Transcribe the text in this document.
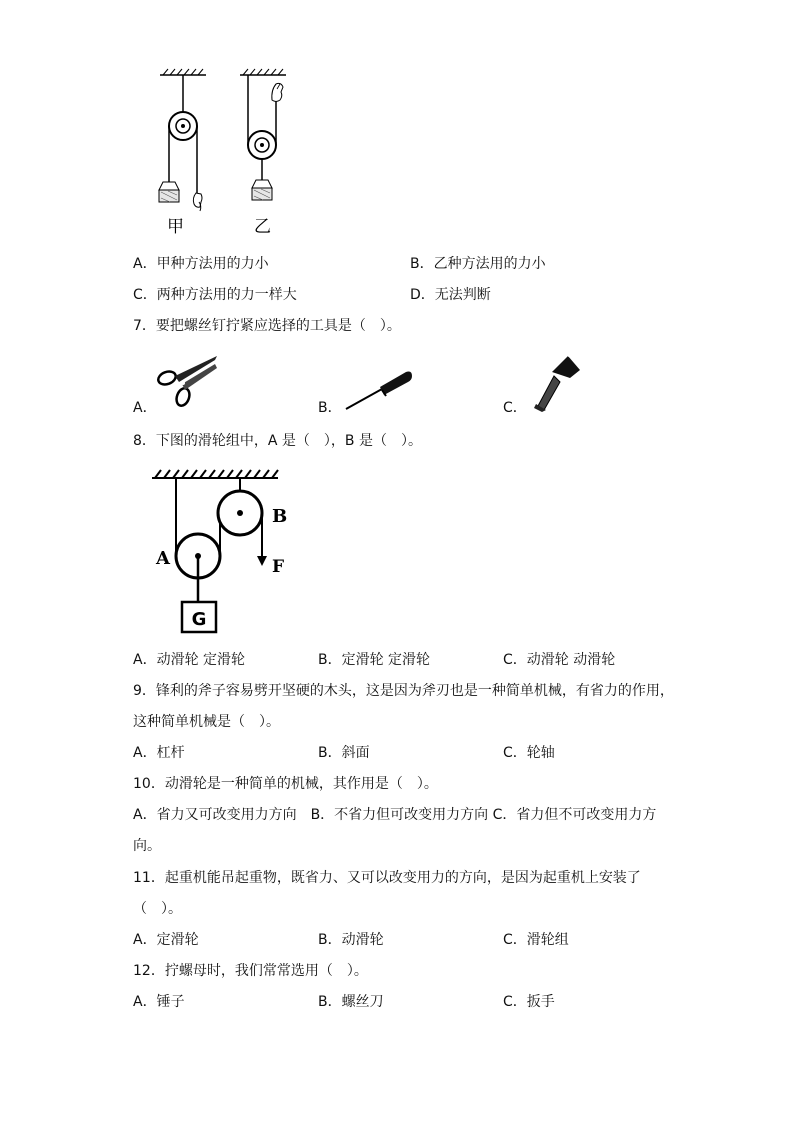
甲	乙
A．甲种方法用的力小	B．乙种方法用的力小
C．两种方法用的力一样大	D．无法判断
7．要把螺丝钉拧紧应选择的工具是（　）。
A．	B．	C．
8．下图的滑轮组中，A 是（　），B 是（　）。
G
A
B
F
A．动滑轮 定滑轮	B．定滑轮 定滑轮	C．动滑轮 动滑轮
9．锋利的斧子容易劈开坚硬的木头，这是因为斧刃也是一种简单机械，有省力的作用，
这种简单机械是（　）。
A．杠杆	B．斜面	C．轮轴
10．动滑轮是一种简单的机械，其作用是（　）。
A．省力又可改变用力方向　B．不省力但可改变用力方向 C．省力但不可改变用力方
向。
11．起重机能吊起重物，既省力、又可以改变用力的方向，是因为起重机上安装了
（　）。
A．定滑轮	B．动滑轮	C．滑轮组
12．拧螺母时，我们常常选用（　）。
A．锤子	B．螺丝刀	C．扳手
